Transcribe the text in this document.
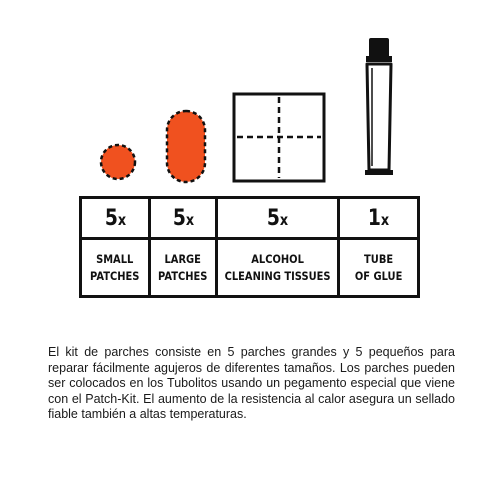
5x 5x	5x	1x
SMALL
PATCHES
LARGE
PATCHES
ALCOHOL
CLEANING TISSUES
TUBE
OF GLUE

El kit de parches consiste en 5 parches grandes y 5 pequeños para reparar fácilmente agujeros de diferentes tamaños. Los parches pueden ser colocados en los Tubolitos usando un pegamento especial que viene con el Patch-Kit. El aumento de la resistencia al calor asegura un sellado fiable también a altas temperaturas.
